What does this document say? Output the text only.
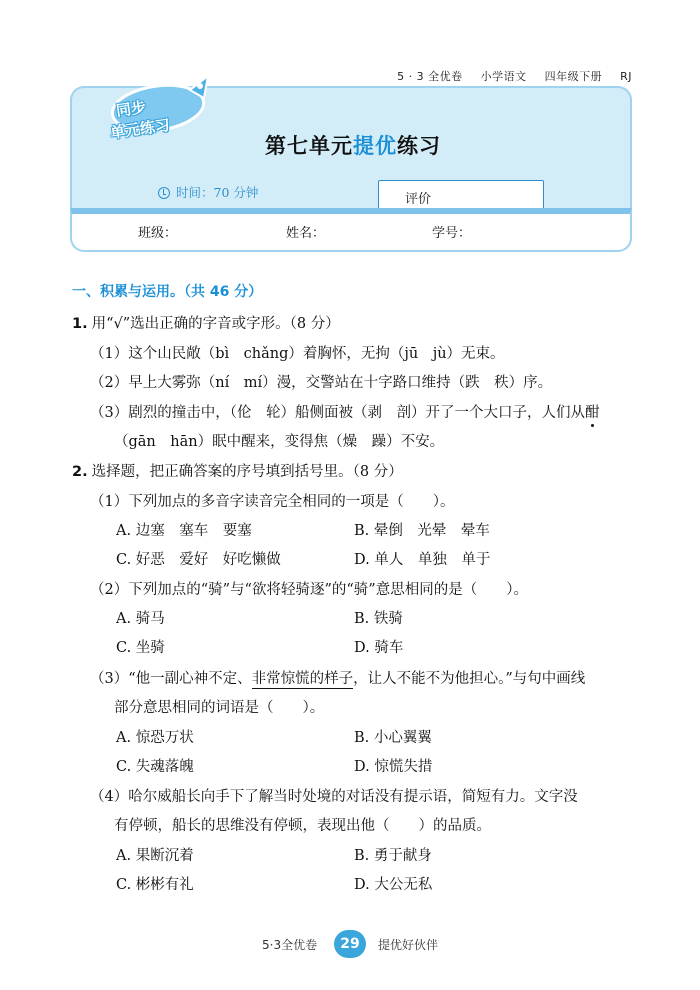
5 · 3 全优卷 小学语文 四年级下册 RJ
同步
单元练习
第七单元提优练习
时间：70 分钟	评价
班级：	姓名：	学号：
一、积累与运用。（共 46 分）
1. 用“√”选出正确的字音或字形。（8 分）
（1）这个山民敞（bì　chǎng）着胸怀，无拘（jū　jù）无束。
（2）早上大雾弥（ní　mí）漫，交警站在十字路口维持（跌　秩）序。
（3）剧烈的撞击中，（伦　轮）船侧面被（剥　剖）开了一个大口子，人们从酣
（gān　hān）眠中醒来，变得焦（燥　躁）不安。
2. 选择题，把正确答案的序号填到括号里。（8 分）
（1）下列加点的多音字读音完全相同的一项是（　　）。
A. 边塞　塞车　要塞	B. 晕倒　光晕　晕车
C. 好恶　爱好　好吃懒做	D. 单人　单独　单于
（2）下列加点的“骑”与“欲将轻骑逐”的“骑”意思相同的是（　　）。
A. 骑马	B. 铁骑
C. 坐骑	D. 骑车
（3）“他一副心神不定、非常惊慌的样子，让人不能不为他担心。”与句中画线
部分意思相同的词语是（　　）。
A. 惊恐万状	B. 小心翼翼
C. 失魂落魄	D. 惊慌失措
（4）哈尔威船长向手下了解当时处境的对话没有提示语，简短有力。文字没
有停顿，船长的思维没有停顿，表现出他（　　）的品质。
A. 果断沉着	B. 勇于献身
C. 彬彬有礼	D. 大公无私
5·3全优卷	29	提优好伙伴
